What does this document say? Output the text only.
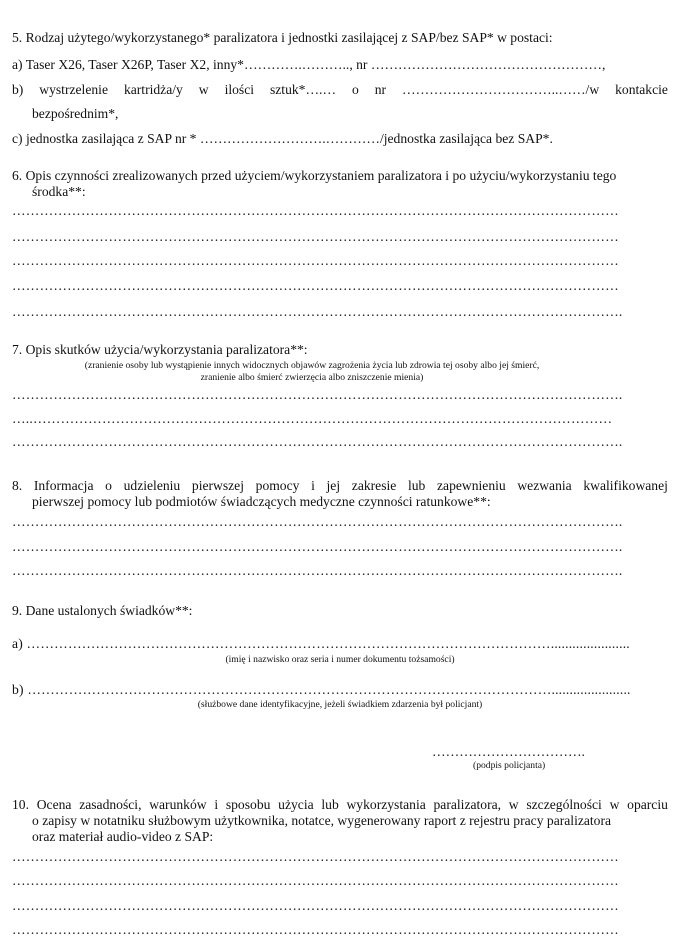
5. Rodzaj użytego/wykorzystanego* paralizatora i jednostki zasilającej z SAP/bez SAP* w postaci:
a) Taser X26, Taser X26P, Taser X2, inny*………….……….., nr ……………………………………………,
b) wystrzelenie kartridża/y w ilości sztuk*….… o nr ……………………………..……/w kontakcie
bezpośrednim*,
c) jednostka zasilająca z SAP nr * ……………………….…………/jednostka zasilająca bez SAP*.
6. Opis czynności zrealizowanych przed użyciem/wykorzystaniem paralizatora i po użyciu/wykorzystaniu tego
środka**:
……………………………………………………………………………………………………………………
……………………………………………………………………………………………………………………
……………………………………………………………………………………………………………………
……………………………………………………………………………………………………………………
…………………………………………………………………………………………………………………….
7. Opis skutków użycia/wykorzystania paralizatora**:
(zranienie osoby lub wystąpienie innych widocznych objawów zagrożenia życia lub zdrowia tej osoby albo jej śmierć,
zranienie albo śmierć zwierzęcia albo zniszczenie mienia)
…………………………………………………………………………………………………………………….
…..………………………………………………………………………………………………………………
…………………………………………………………………………………………………………………….
8. Informacja o udzieleniu pierwszej pomocy i jej zakresie lub zapewnieniu wezwania kwalifikowanej
pierwszej pomocy lub podmiotów świadczących medyczne czynności ratunkowe**:
…………………………………………………………………………………………………………………….
…………………………………………………………………………………………………………………….
…………………………………………………………………………………………………………………….
9. Dane ustalonych świadków**:
a) ……………………………………………………………………………………………………......................
(imię i nazwisko oraz seria i numer dokumentu tożsamości)
b) ……………………………………………………………………………………………………......................
(służbowe dane identyfikacyjne, jeżeli świadkiem zdarzenia był policjant)
…………………………….
(podpis policjanta)
10. Ocena zasadności, warunków i sposobu użycia lub wykorzystania paralizatora, w szczególności w oparciu
o zapisy w notatniku służbowym użytkownika, notatce, wygenerowany raport z rejestru pracy paralizatora
oraz materiał audio-video z SAP:
……………………………………………………………………………………………………………………
……………………………………………………………………………………………………………………
……………………………………………………………………………………………………………………
……………………………………………………………………………………………………………………
